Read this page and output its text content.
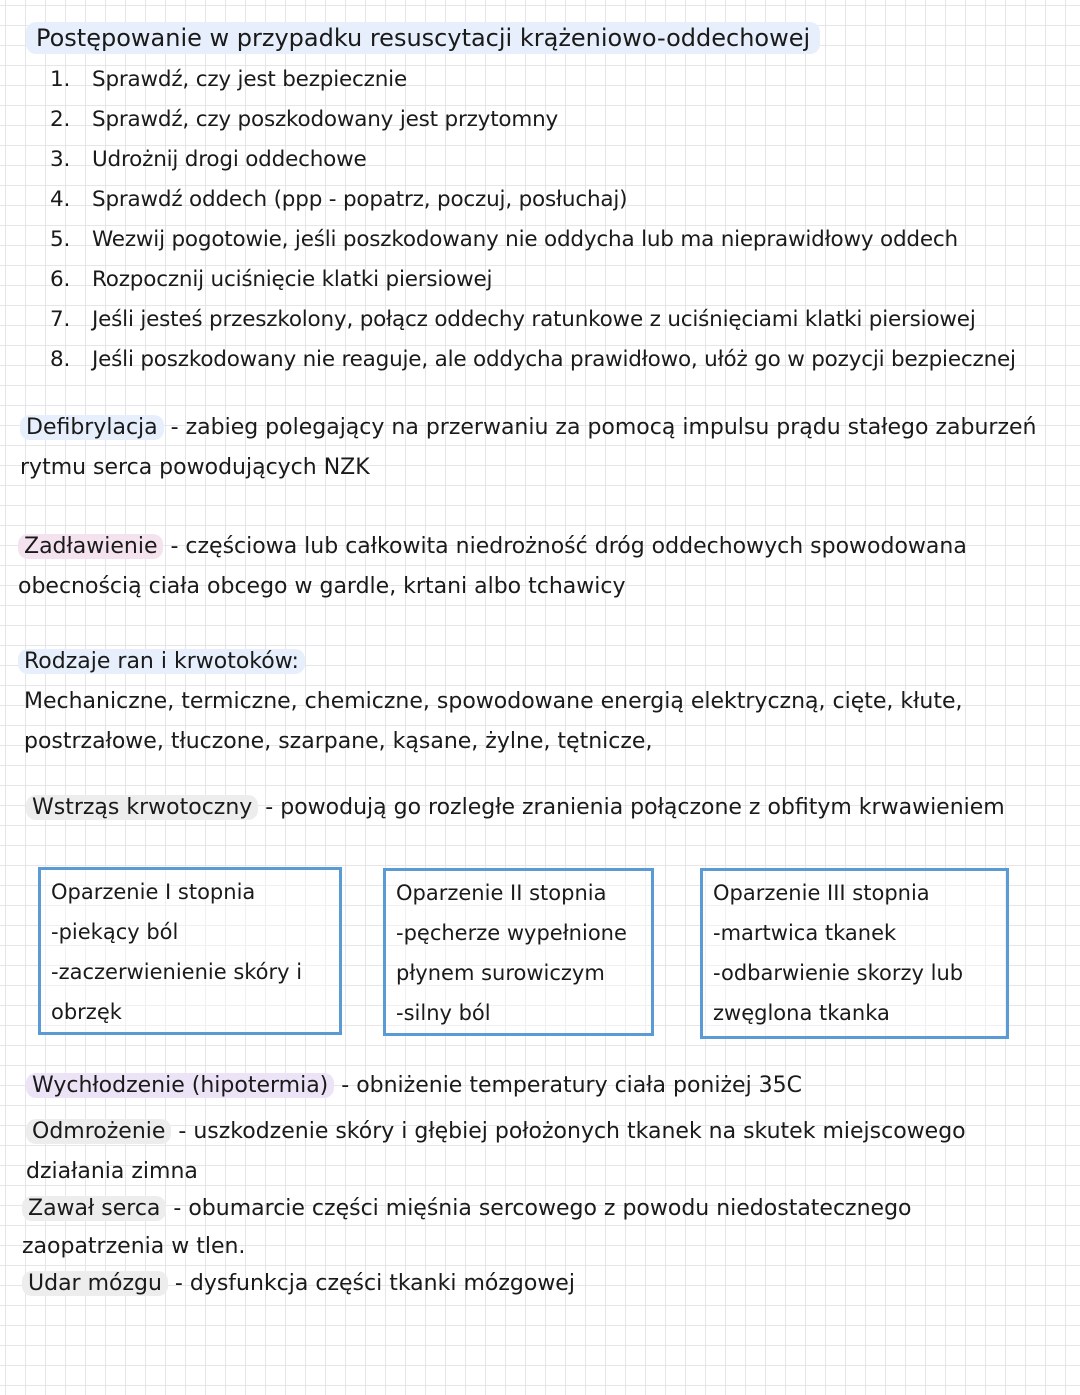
Postępowanie w przypadku resuscytacji krążeniowo-oddechowej
1. Sprawdź, czy jest bezpiecznie
2. Sprawdź, czy poszkodowany jest przytomny
3. Udrożnij drogi oddechowe
4. Sprawdź oddech (ppp - popatrz, poczuj, posłuchaj)
5. Wezwij pogotowie, jeśli poszkodowany nie oddycha lub ma nieprawidłowy oddech
6. Rozpocznij uciśnięcie klatki piersiowej
7. Jeśli jesteś przeszkolony, połącz oddechy ratunkowe z uciśnięciami klatki piersiowej
8. Jeśli poszkodowany nie reaguje, ale oddycha prawidłowo, ułóż go w pozycji bezpiecznej
Defibrylacja - zabieg polegający na przerwaniu za pomocą impulsu prądu stałego zaburzeń rytmu serca powodujących NZK
Zadławienie - częściowa lub całkowita niedrożność dróg oddechowych spowodowana obecnością ciała obcego w gardle, krtani albo tchawicy
Rodzaje ran i krwotoków:
Mechaniczne, termiczne, chemiczne, spowodowane energią elektryczną, cięte, kłute, postrzałowe, tłuczone, szarpane, kąsane, żylne, tętnicze,
Wstrząs krwotoczny - powodują go rozległe zranienia połączone z obfitym krwawieniem
Oparzenie I stopnia
-piekący ból
-zaczerwienienie skóry i
obrzęk
Oparzenie II stopnia
-pęcherze wypełnione
płynem surowiczym
-silny ból
Oparzenie III stopnia
-martwica tkanek
-odbarwienie skorzy lub
zwęglona tkanka
Wychłodzenie (hipotermia) - obniżenie temperatury ciała poniżej 35C
Odmrożenie - uszkodzenie skóry i głębiej położonych tkanek na skutek miejscowego działania zimna
Zawał serca - obumarcie części mięśnia sercowego z powodu niedostatecznego zaopatrzenia w tlen.
Udar mózgu - dysfunkcja części tkanki mózgowej
